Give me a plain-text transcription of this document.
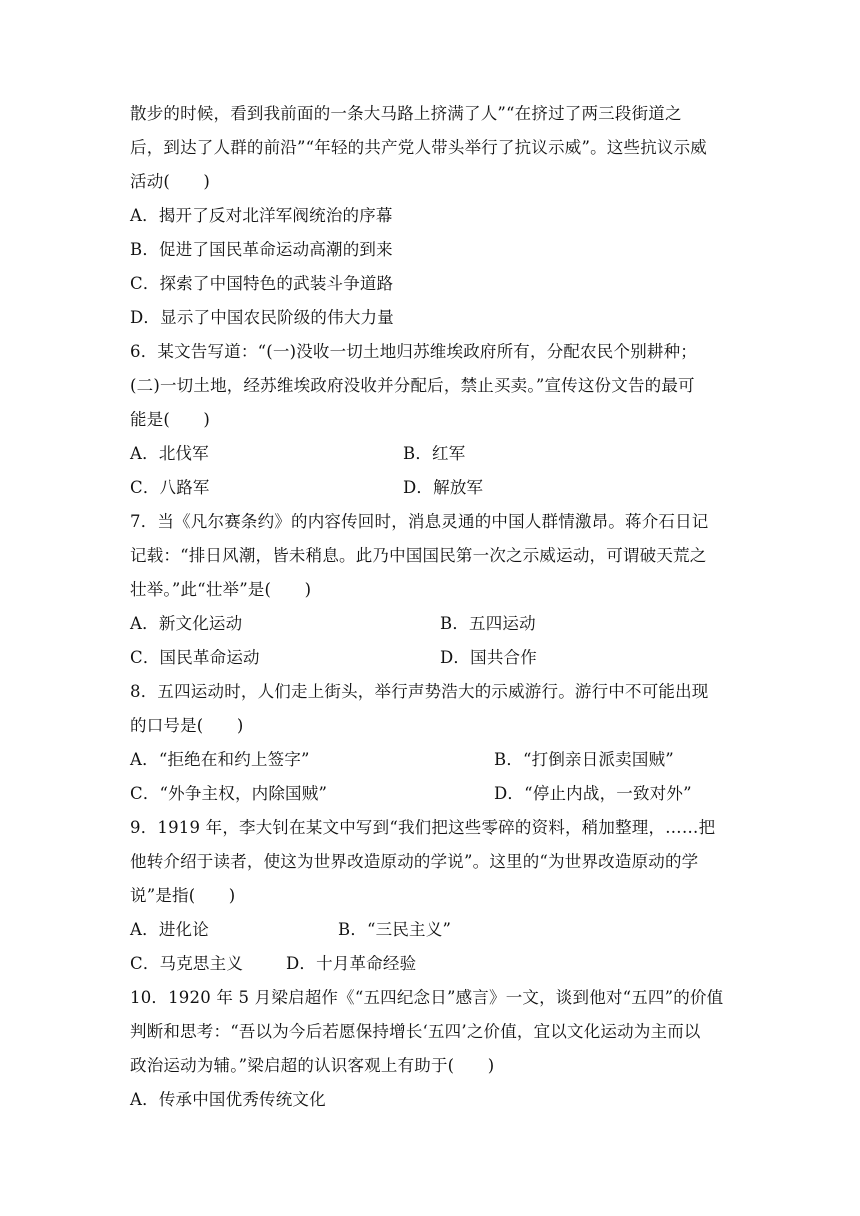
散步的时候，看到我前面的一条大马路上挤满了人”“在挤过了两三段街道之
后，到达了人群的前沿”“年轻的共产党人带头举行了抗议示威”。这些抗议示威
活动(　　)
A．揭开了反对北洋军阀统治的序幕
B．促进了国民革命运动高潮的到来
C．探索了中国特色的武装斗争道路
D．显示了中国农民阶级的伟大力量
6．某文告写道：“(一)没收一切土地归苏维埃政府所有，分配农民个别耕种；
(二)一切土地，经苏维埃政府没收并分配后，禁止买卖。”宣传这份文告的最可
能是(　　)
A．北伐军	B．红军
C．八路军	D．解放军
7．当《凡尔赛条约》的内容传回时，消息灵通的中国人群情激昂。蒋介石日记
记载：“排日风潮，皆未稍息。此乃中国国民第一次之示威运动，可谓破天荒之
壮举。”此“壮举”是(　　)
A．新文化运动	B．五四运动
C．国民革命运动	D．国共合作
8．五四运动时，人们走上街头，举行声势浩大的示威游行。游行中不可能出现
的口号是(　　)
A．“拒绝在和约上签字”	B．“打倒亲日派卖国贼”
C．“外争主权，内除国贼”	D．“停止内战，一致对外”
9．1919 年，李大钊在某文中写到“我们把这些零碎的资料，稍加整理，……把
他转介绍于读者，使这为世界改造原动的学说”。这里的“为世界改造原动的学
说”是指(　　)
A．进化论	B．“三民主义”
C．马克思主义	D．十月革命经验
10．1920 年 5 月梁启超作《“五四纪念日”感言》一文，谈到他对“五四”的价值
判断和思考：“吾以为今后若愿保持增长‘五四’之价值，宜以文化运动为主而以
政治运动为辅。”梁启超的认识客观上有助于(　　)
A．传承中国优秀传统文化
